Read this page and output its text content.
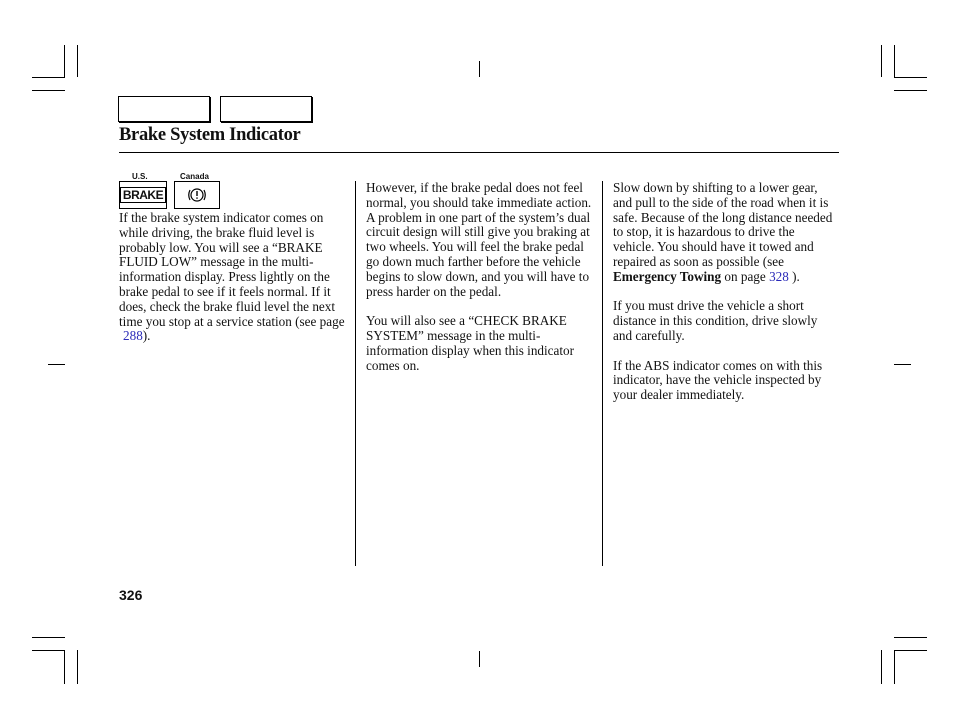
Brake System Indicator
U.S.	Canada
BRAKE

If the brake system indicator comes on while driving, the brake fluid level is probably low. You will see a “BRAKE FLUID LOW” message in the multi-information display. Press lightly on the brake pedal to see if it feels normal. If it does, check the brake fluid level the next time you stop at a service station (see page 288).

However, if the brake pedal does not feel normal, you should take immediate action. A problem in one part of the system’s dual circuit design will still give you braking at two wheels. You will feel the brake pedal go down much farther before the vehicle begins to slow down, and you will have to press harder on the pedal.

You will also see a “CHECK BRAKE SYSTEM” message in the multi-information display when this indicator comes on.

Slow down by shifting to a lower gear, and pull to the side of the road when it is safe. Because of the long distance needed to stop, it is hazardous to drive the vehicle. You should have it towed and repaired as soon as possible (see Emergency Towing on page 328 ).

If you must drive the vehicle a short distance in this condition, drive slowly and carefully.

If the ABS indicator comes on with this indicator, have the vehicle inspected by your dealer immediately.

326
